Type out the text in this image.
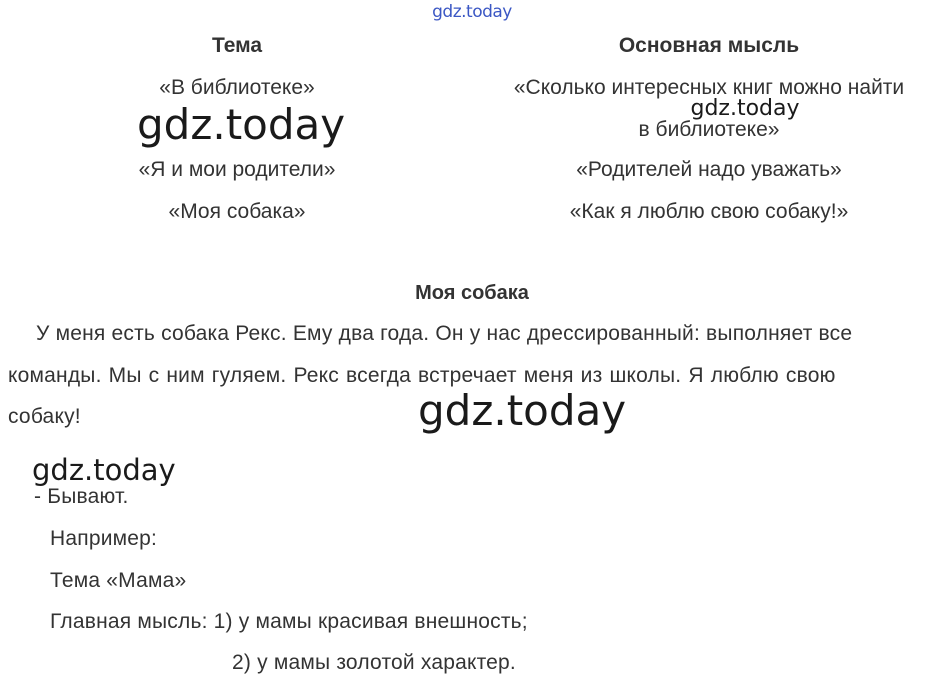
gdz.today
Тема	Основная мысль
«В библиотеке»	«Сколько интересных книг можно найти
в библиотеке»
«Я и мои родители»	«Родителей надо уважать»
«Моя собака»	«Как я люблю свою собаку!»
gdz.today	gdz.today
Моя собака
У меня есть собака Рекс. Ему два года. Он у нас дрессированный: выполняет все
команды. Мы с ним гуляем. Рекс всегда встречает меня из школы. Я люблю свою
собаку!	gdz.today
gdz.today
- Бывают.
Например:
Тема «Мама»
Главная мысль: 1) у мамы красивая внешность;
2) у мамы золотой характер.
